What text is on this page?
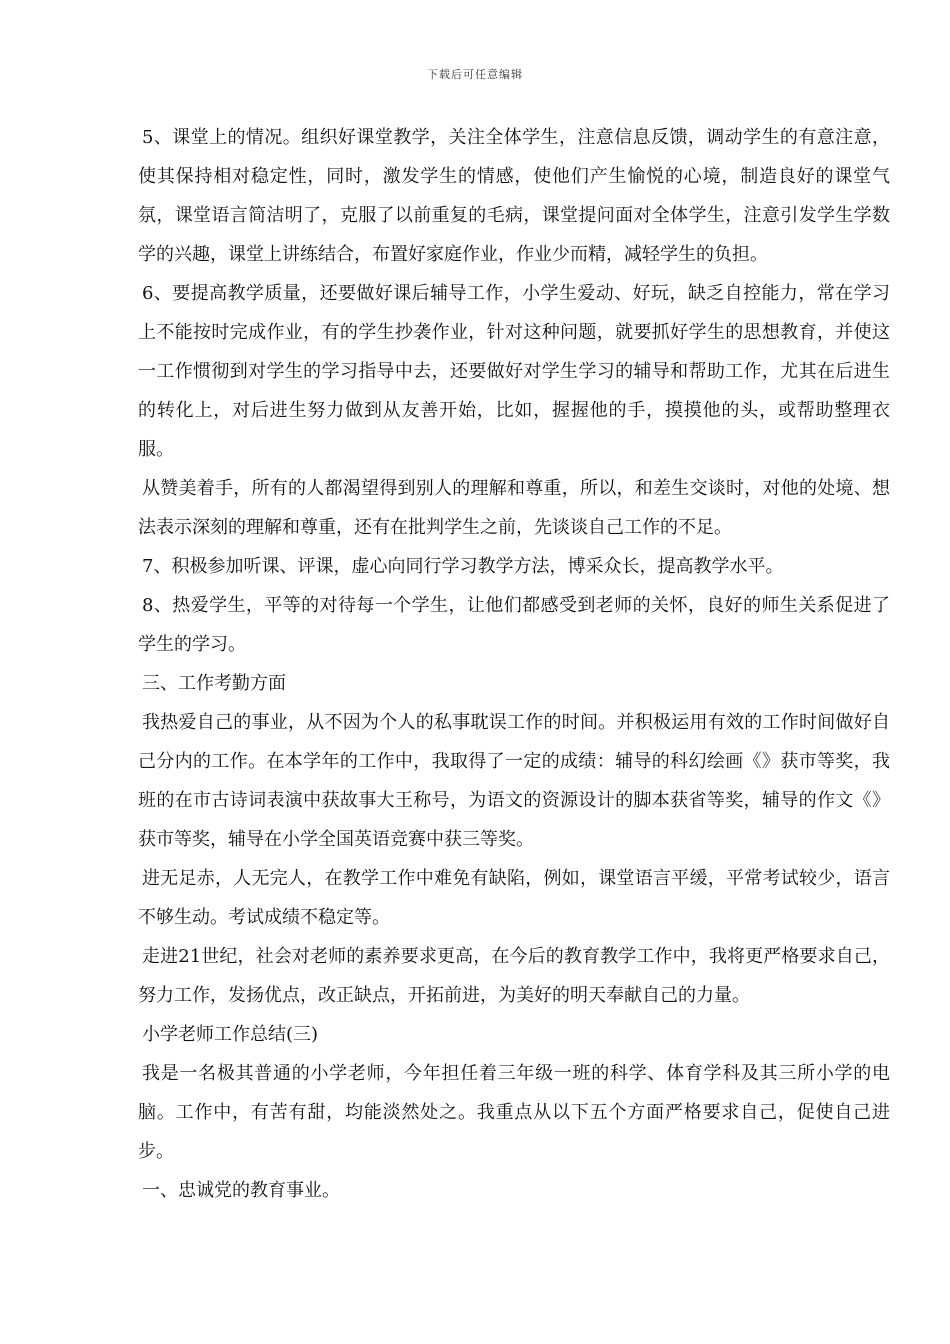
下载后可任意编辑

5、课堂上的情况。组织好课堂教学，关注全体学生，注意信息反馈，调动学生的有意注意，使其保持相对稳定性，同时，激发学生的情感，使他们产生愉悦的心境，制造良好的课堂气氛，课堂语言简洁明了，克服了以前重复的毛病，课堂提问面对全体学生，注意引发学生学数学的兴趣，课堂上讲练结合，布置好家庭作业，作业少而精，减轻学生的负担。

6、要提高教学质量，还要做好课后辅导工作，小学生爱动、好玩，缺乏自控能力，常在学习上不能按时完成作业，有的学生抄袭作业，针对这种问题，就要抓好学生的思想教育，并使这一工作惯彻到对学生的学习指导中去，还要做好对学生学习的辅导和帮助工作，尤其在后进生的转化上，对后进生努力做到从友善开始，比如，握握他的手，摸摸他的头，或帮助整理衣服。

从赞美着手，所有的人都渴望得到别人的理解和尊重，所以，和差生交谈时，对他的处境、想法表示深刻的理解和尊重，还有在批判学生之前，先谈谈自己工作的不足。

7、积极参加听课、评课，虚心向同行学习教学方法，博采众长，提高教学水平。

8、热爱学生，平等的对待每一个学生，让他们都感受到老师的关怀，良好的师生关系促进了学生的学习。

三、工作考勤方面

我热爱自己的事业，从不因为个人的私事耽误工作的时间。并积极运用有效的工作时间做好自己分内的工作。在本学年的工作中，我取得了一定的成绩：辅导的科幻绘画《》获市等奖，我班的在市古诗词表演中获故事大王称号，为语文的资源设计的脚本获省等奖，辅导的作文《》获市等奖，辅导在小学全国英语竞赛中获三等奖。

进无足赤，人无完人，在教学工作中难免有缺陷，例如，课堂语言平缓，平常考试较少，语言不够生动。考试成绩不稳定等。

走进21世纪，社会对老师的素养要求更高，在今后的教育教学工作中，我将更严格要求自己，努力工作，发扬优点，改正缺点，开拓前进，为美好的明天奉献自己的力量。

小学老师工作总结(三)

我是一名极其普通的小学老师，今年担任着三年级一班的科学、体育学科及其三所小学的电脑。工作中，有苦有甜，均能淡然处之。我重点从以下五个方面严格要求自己，促使自己进步。

一、忠诚党的教育事业。
